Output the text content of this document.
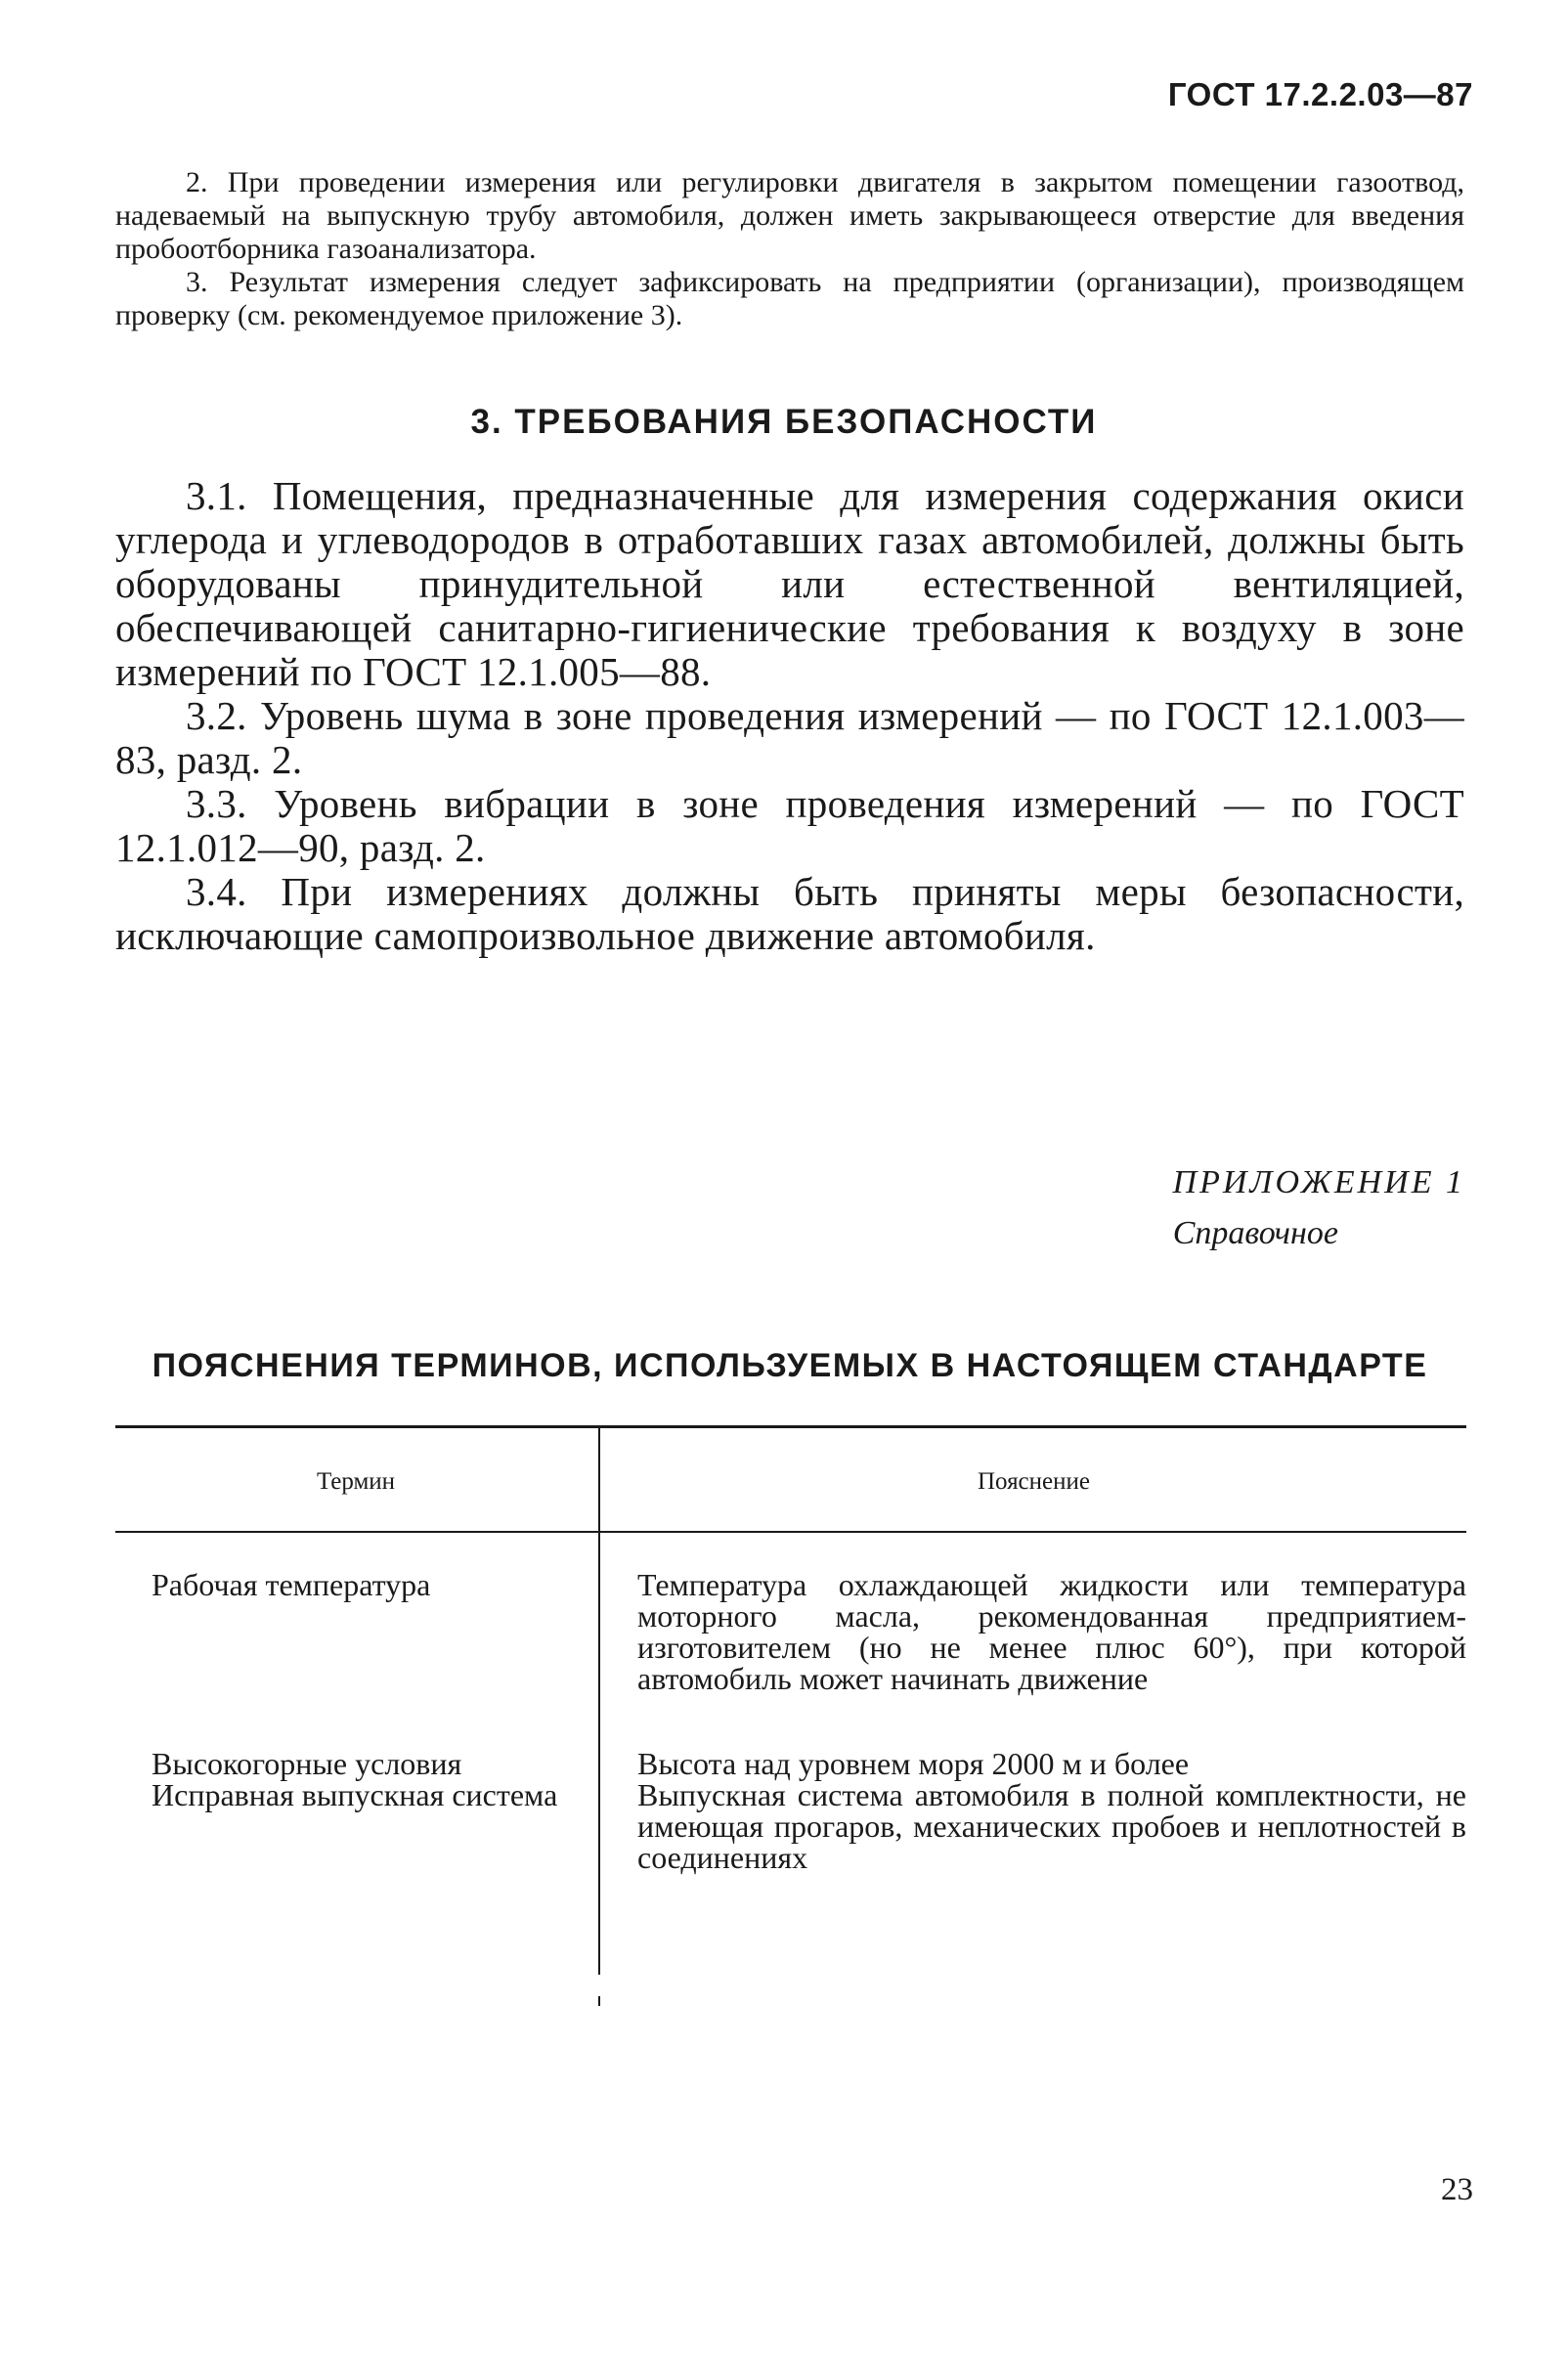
ГОСТ 17.2.2.03—87

2. При проведении измерения или регулировки двигателя в закрытом помещении газоотвод, надеваемый на выпускную трубу автомобиля, должен иметь закрывающееся отверстие для введения пробоотборника газоанализатора.

3. Результат измерения следует зафиксировать на предприятии (организации), производящем проверку (см. рекомендуемое приложение 3).

3. ТРЕБОВАНИЯ БЕЗОПАСНОСТИ

3.1. Помещения, предназначенные для измерения содержания окиси углерода и углеводородов в отработавших газах автомобилей, должны быть оборудованы принудительной или естественной вентиляцией, обеспечивающей санитарно-гигиенические требования к воздуху в зоне измерений по ГОСТ 12.1.005—88.

3.2. Уровень шума в зоне проведения измерений — по ГОСТ 12.1.003—83, разд. 2.

3.3. Уровень вибрации в зоне проведения измерений — по ГОСТ 12.1.012—90, разд. 2.

3.4. При измерениях должны быть приняты меры безопасности, исключающие самопроизвольное движение автомобиля.

ПРИЛОЖЕНИЕ 1
Справочное
ПОЯСНЕНИЯ ТЕРМИНОВ, ИСПОЛЬЗУЕМЫХ В НАСТОЯЩЕМ СТАНДАРТЕ
Термин	Пояснение

Рабочая температура	Температура охлаждающей жидкости или температура моторного масла, рекомендованная предприятием-изготовителем (но не менее плюс 60°), при которой автомобиль может начинать движение

Высокогорные условия	Высота над уровнем моря 2000 м и более

Исправная выпускная система	Выпускная система автомобиля в полной комплектности, не имеющая прогаров, механических пробоев и неплотностей в соединениях

23
